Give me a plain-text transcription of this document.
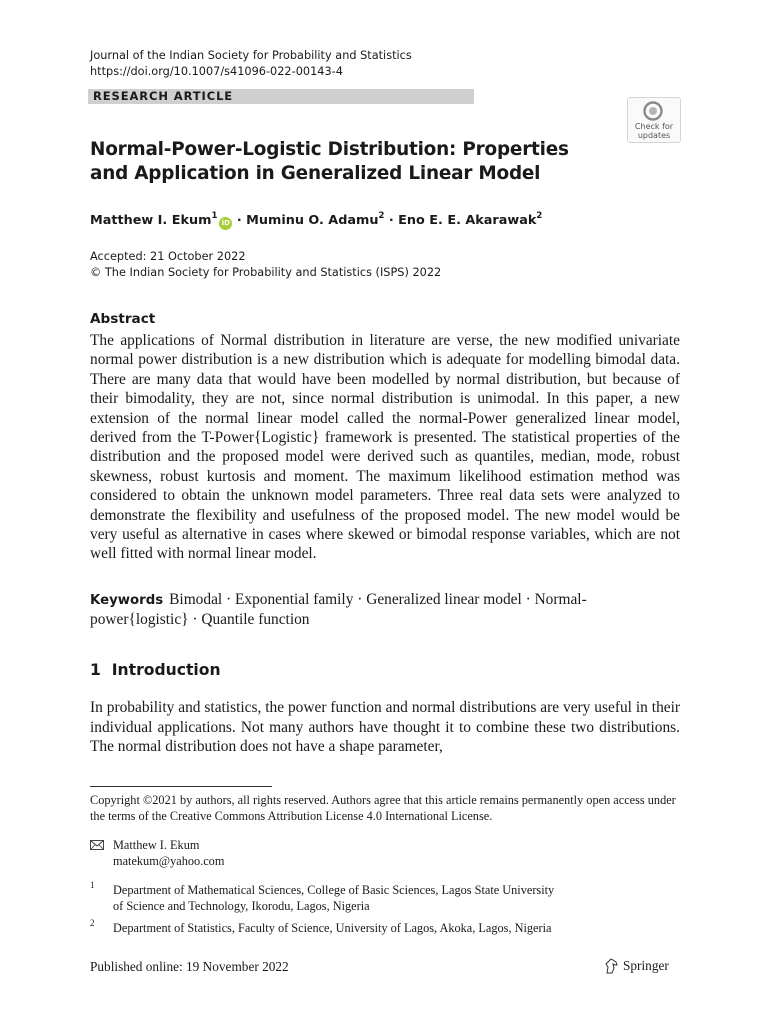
Journal of the Indian Society for Probability and Statistics
https://doi.org/10.1007/s41096-022-00143-4
RESEARCH ARTICLE
Check for
updates
Normal-Power-Logistic Distribution: Properties
and Application in Generalized Linear Model
Matthew I. Ekum$^1$iD · Muminu O. Adamu$^2$ · Eno E. E. Akarawak$^2$
Accepted: 21 October 2022
© The Indian Society for Probability and Statistics (ISPS) 2022
Abstract
The applications of Normal distribution in literature are verse, the new modified univariate normal power distribution is a new distribution which is adequate for modelling bimodal data. There are many data that would have been modelled by normal distribution, but because of their bimodality, they are not, since normal distribution is unimodal. In this paper, a new extension of the normal linear model called the normal-Power generalized linear model, derived from the T-Power{Logistic} framework is presented. The statistical properties of the distribution and the proposed model were derived such as quantiles, median, mode, robust skewness, robust kurtosis and moment. The maximum likelihood estimation method was considered to obtain the unknown model parameters. Three real data sets were analyzed to demonstrate the flexibility and usefulness of the proposed model. The new model would be very useful as alternative in cases where skewed or bimodal response variables, which are not well fitted with normal linear model.
Keywords Bimodal · Exponential family · Generalized linear model · Normal-power{logistic} · Quantile function
1  Introduction
In probability and statistics, the power function and normal distributions are very useful in their individual applications. Not many authors have thought it to combine these two distributions. The normal distribution does not have a shape parameter,
Copyright ©2021 by authors, all rights reserved. Authors agree that this article remains permanently open access under the terms of the Creative Commons Attribution License 4.0 International License.
Matthew I. Ekum
matekum@yahoo.com
1 Department of Mathematical Sciences, College of Basic Sciences, Lagos State University
of Science and Technology, Ikorodu, Lagos, Nigeria
2 Department of Statistics, Faculty of Science, University of Lagos, Akoka, Lagos, Nigeria
Published online: 19 November 2022	Springer
